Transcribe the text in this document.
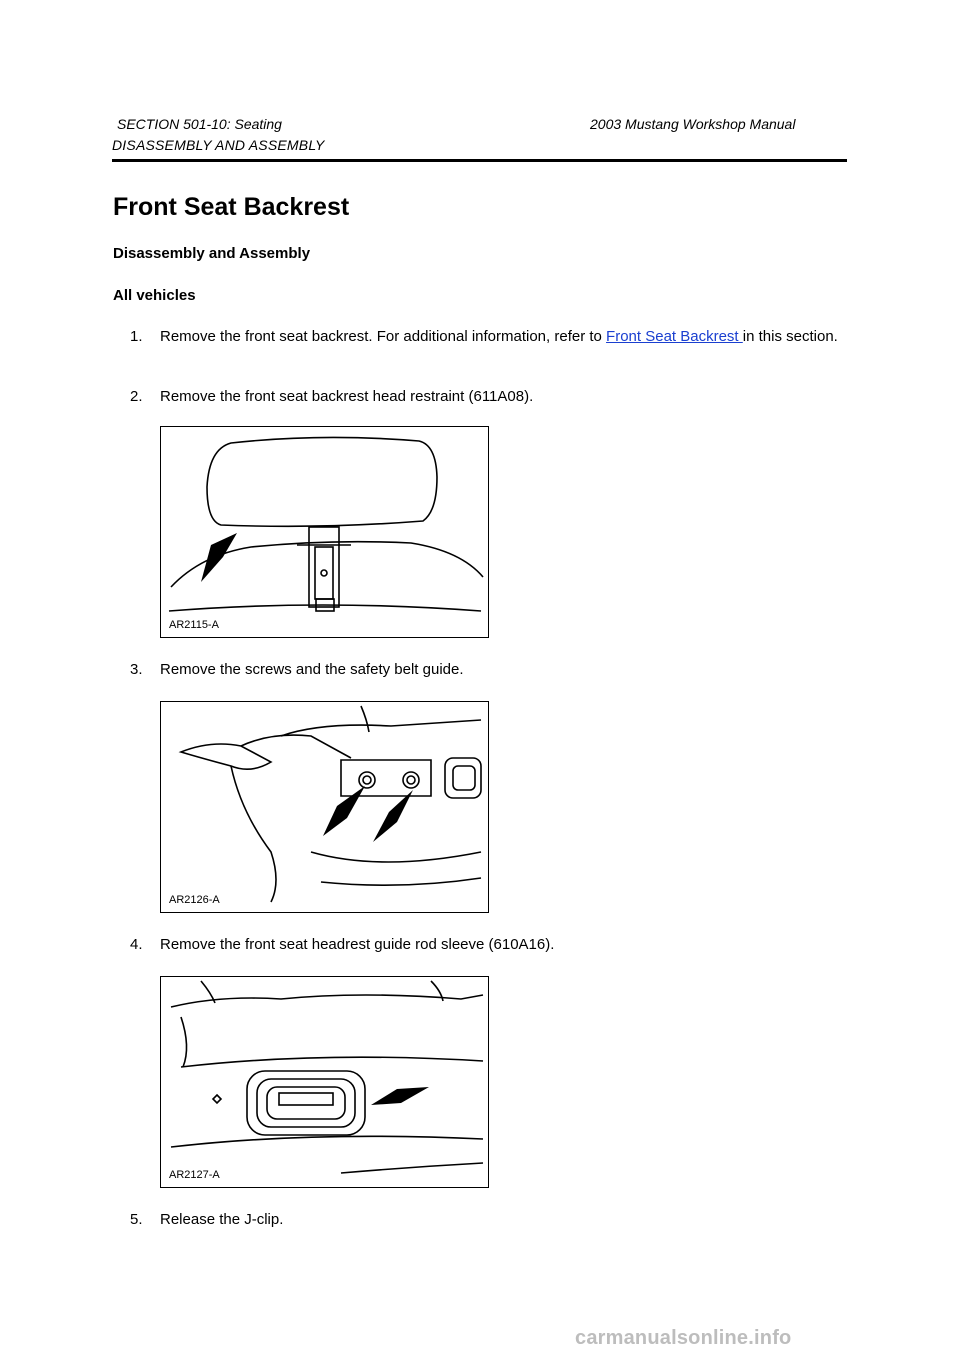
SECTION 501-10: Seating	2003 Mustang Workshop Manual
DISASSEMBLY AND ASSEMBLY
Front Seat Backrest
Disassembly and Assembly
All vehicles
1.	Remove the front seat backrest. For additional information, refer to Front Seat Backrest in this section.
2.	Remove the front seat backrest head restraint (611A08).
AR2115-A
3.	Remove the screws and the safety belt guide.
AR2126-A
4.	Remove the front seat headrest guide rod sleeve (610A16).
AR2127-A
5.	Release the J-clip.
carmanualsonline.info
